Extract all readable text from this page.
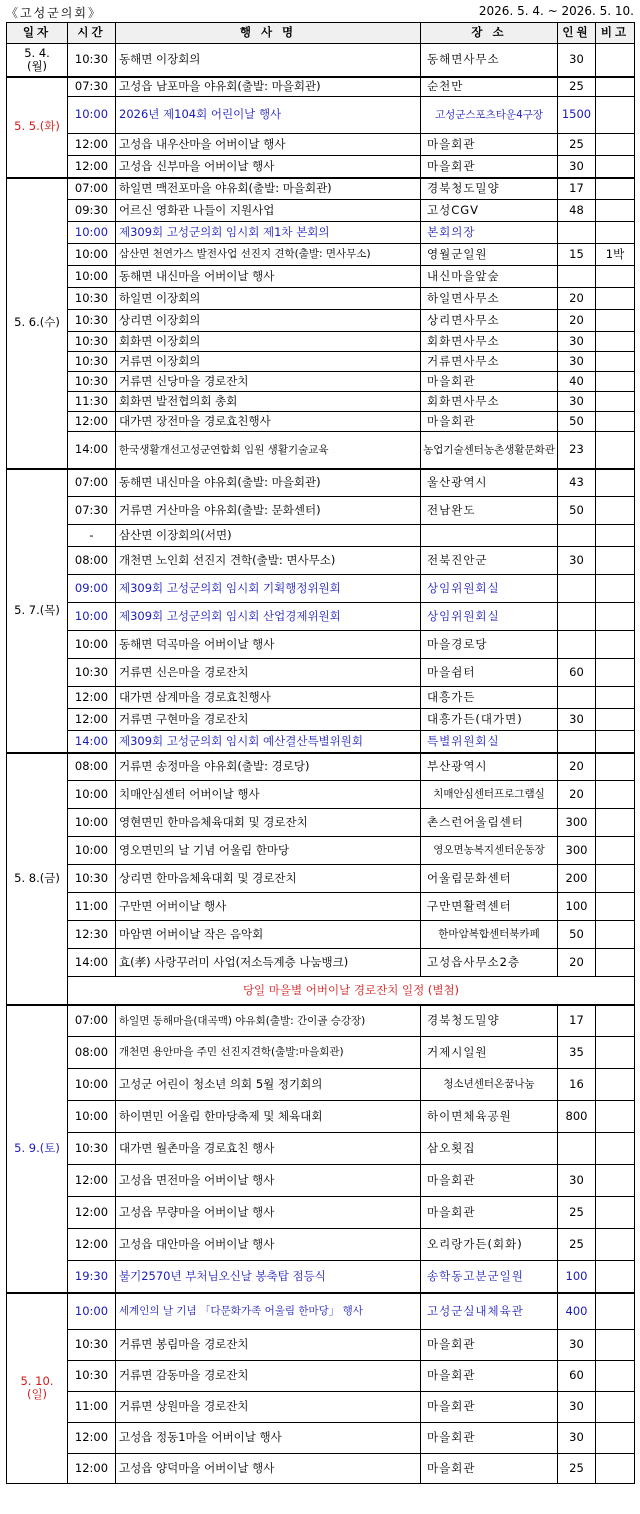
《고성군의회》	2026. 5. 4. ~ 2026. 5. 10.
일자	시간	행 사 명	장 소	인원	비고
5. 4.
(월)	10:30	동해면 이장회의	동해면사무소	30	
5. 5.(화)	07:30	고성읍 남포마을 야유회(출발: 마을회관)	순천만	25	
	10:00	2026년 제104회 어린이날 행사	고성군스포츠타운4구장	1500	
	12:00	고성읍 내우산마을 어버이날 행사	마을회관	25	
	12:00	고성읍 신부마을 어버이날 행사	마을회관	30	
5. 6.(수)	07:00	하일면 맥전포마을 야유회(출발: 마을회관)	경북청도밀양	17	
	09:30	어르신 영화관 나들이 지원사업	고성CGV	48	
	10:00	제309회 고성군의회 임시회 제1차 본회의	본회의장		
	10:00	삼산면 천연가스 발전사업 선진지 견학(출발: 면사무소)	영월군일원	15	1박
	10:00	동해면 내신마을 어버이날 행사	내신마을앞숲		
	10:30	하일면 이장회의	하일면사무소	20	
	10:30	상리면 이장회의	상리면사무소	20	
	10:30	회화면 이장회의	회화면사무소	30	
	10:30	거류면 이장회의	거류면사무소	30	
	10:30	거류면 신당마을 경로잔치	마을회관	40	
	11:30	회화면 발전협의회 총회	회화면사무소	30	
	12:00	대가면 장전마을 경로효친행사	마을회관	50	
	14:00	한국생활개선고성군연합회 임원 생활기술교육	농업기술센터농촌생활문화관	23	
5. 7.(목)	07:00	동해면 내신마을 야유회(출발: 마을회관)	울산광역시	43	
	07:30	거류면 거산마을 야유회(출발: 문화센터)	전남완도	50	
	-	삼산면 이장회의(서면)			
	08:00	개천면 노인회 선진지 견학(출발: 면사무소)	전북진안군	30	
	09:00	제309회 고성군의회 임시회 기획행정위원회	상임위원회실		
	10:00	제309회 고성군의회 임시회 산업경제위원회	상임위원회실		
	10:00	동해면 덕곡마을 어버이날 행사	마을경로당		
	10:30	거류면 신은마을 경로잔치	마을쉼터	60	
	12:00	대가면 삼계마을 경로효친행사	대흥가든		
	12:00	거류면 구현마을 경로잔치	대흥가든(대가면)	30	
	14:00	제309회 고성군의회 임시회 예산결산특별위원회	특별위원회실		
5. 8.(금)	08:00	거류면 송정마을 야유회(출발: 경로당)	부산광역시	20	
	10:00	치매안심센터 어버이날 행사	치매안심센터프로그램실	20	
	10:00	영현면민 한마음체육대회 및 경로잔치	촌스런어울림센터	300	
	10:00	영오면민의 날 기념 어울림 한마당	영오면농복지센터운동장	300	
	10:30	상리면 한마음체육대회 및 경로잔치	어울림문화센터	200	
	11:00	구만면 어버이날 행사	구만면활력센터	100	
	12:30	마암면 어버이날 작은 음악회	한마암복합센터북카페	50	
	14:00	효(孝) 사랑꾸러미 사업(저소득계층 나눔뱅크)	고성읍사무소2층	20	
	당일 마을별 어버이날 경로잔치 일정 (별첨)				
5. 9.(토)	07:00	하일면 동해마을(대곡맥) 야유회(출발: 간이골 승강장)	경북청도밀양	17	
	08:00	개천면 용안마을 주민 선진지견학(출발:마을회관)	거제시일원	35	
	10:00	고성군 어린이 청소년 의회 5월 정기회의	청소년센터온꿈나눔	16	
	10:00	하이면민 어울림 한마당축제 및 체육대회	하이면체육공원	800	
	10:30	대가면 월촌마을 경로효친 행사	삼오횟집		
	12:00	고성읍 면전마을 어버이날 행사	마을회관	30	
	12:00	고성읍 무량마을 어버이날 행사	마을회관	25	
	12:00	고성읍 대안마을 어버이날 행사	오리랑가든(회화)	25	
	19:30	불기2570년 부처님오신날 봉축탑 점등식	송학동고분군일원	100	
5. 10.
(일)	10:00	세계인의 날 기념 「다문화가족 어울림 한마당」 행사	고성군실내체육관	400	
	10:30	거류면 봉림마을 경로잔치	마을회관	30	
	10:30	거류면 감동마을 경로잔치	마을회관	60	
	11:00	거류면 상원마을 경로잔치	마을회관	30	
	12:00	고성읍 정동1마을 어버이날 행사	마을회관	30	
	12:00	고성읍 양덕마을 어버이날 행사	마을회관	25	
